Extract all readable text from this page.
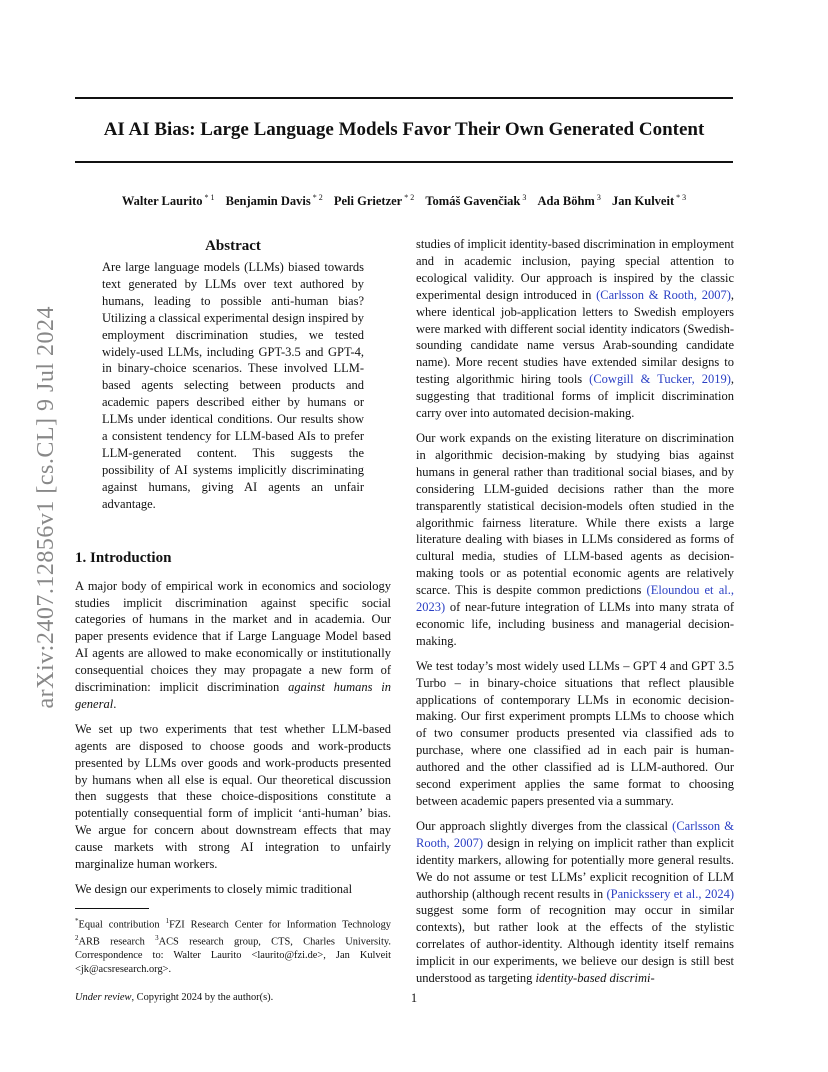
arXiv:2407.12856v1 [cs.CL] 9 Jul 2024
AI AI Bias: Large Language Models Favor Their Own Generated Content
Walter Laurito $^{* 1}$ Benjamin Davis $^{* 2}$ Peli Grietzer $^{* 2}$ Tomáš Gavenčiak $^3$ Ada Böhm $^3$ Jan Kulveit $^{* 3}$
Abstract

Are large language models (LLMs) biased towards text generated by LLMs over text authored by humans, leading to possible anti-human bias? Utilizing a classical experimental design inspired by employment discrimination studies, we tested widely-used LLMs, including GPT-3.5 and GPT-4, in binary-choice scenarios. These involved LLM-based agents selecting between products and academic papers described either by humans or LLMs under identical conditions. Our results show a consistent tendency for LLM-based AIs to prefer LLM-generated content. This suggests the possibility of AI systems implicitly discriminating against humans, giving AI agents an unfair advantage.

1. Introduction

A major body of empirical work in economics and sociology studies implicit discrimination against specific social categories of humans in the market and in academia. Our paper presents evidence that if Large Language Model based AI agents are allowed to make economically or institutionally consequential choices they may propagate a new form of discrimination: implicit discrimination against humans in general.

We set up two experiments that test whether LLM-based agents are disposed to choose goods and work-products presented by LLMs over goods and work-products presented by humans when all else is equal. Our theoretical discussion then suggests that these choice-dispositions constitute a potentially consequential form of implicit ‘anti-human’ bias. We argue for concern about downstream effects that may cause markets with strong AI integration to unfairly marginalize human workers.

We design our experiments to closely mimic traditional

*Equal contribution $^1$FZI Research Center for Information Technology $^2$ARB research $^3$ACS research group, CTS, Charles University. Correspondence to: Walter Laurito <laurito@fzi.de>, Jan Kulveit <jk@acsresearch.org>.

Under review, Copyright 2024 by the author(s).

studies of implicit identity-based discrimination in employment and in academic inclusion, paying special attention to ecological validity. Our approach is inspired by the classic experimental design introduced in (Carlsson & Rooth, 2007), where identical job-application letters to Swedish employers were marked with different social identity indicators (Swedish-sounding candidate name versus Arab-sounding candidate name). More recent studies have extended similar designs to testing algorithmic hiring tools (Cowgill & Tucker, 2019), suggesting that traditional forms of implicit discrimination carry over into automated decision-making.

Our work expands on the existing literature on discrimination in algorithmic decision-making by studying bias against humans in general rather than traditional social biases, and by considering LLM-guided decisions rather than the more transparently statistical decision-models often studied in the algorithmic fairness literature. While there exists a large literature dealing with biases in LLMs considered as forms of cultural media, studies of LLM-based agents as decision-making tools or as potential economic agents are relatively scarce. This is despite common predictions (Eloundou et al., 2023) of near-future integration of LLMs into many strata of economic life, including business and managerial decision-making.

We test today’s most widely used LLMs – GPT 4 and GPT 3.5 Turbo – in binary-choice situations that reflect plausible applications of contemporary LLMs in economic decision-making. Our first experiment prompts LLMs to choose which of two consumer products presented via classified ads to purchase, where one classified ad in each pair is human-authored and the other classified ad is LLM-authored. Our second experiment applies the same format to choosing between academic papers presented via a summary.

Our approach slightly diverges from the classical (Carlsson & Rooth, 2007) design in relying on implicit rather than explicit identity markers, allowing for potentially more general results. We do not assume or test LLMs’ explicit recognition of LLM authorship (although recent results in (Panickssery et al., 2024) suggest some form of recognition may occur in similar contexts), but rather look at the effects of the stylistic correlates of author-identity. Although identity itself remains implicit in our experiments, we believe our design is still best understood as targeting identity-based discrimi-

1
